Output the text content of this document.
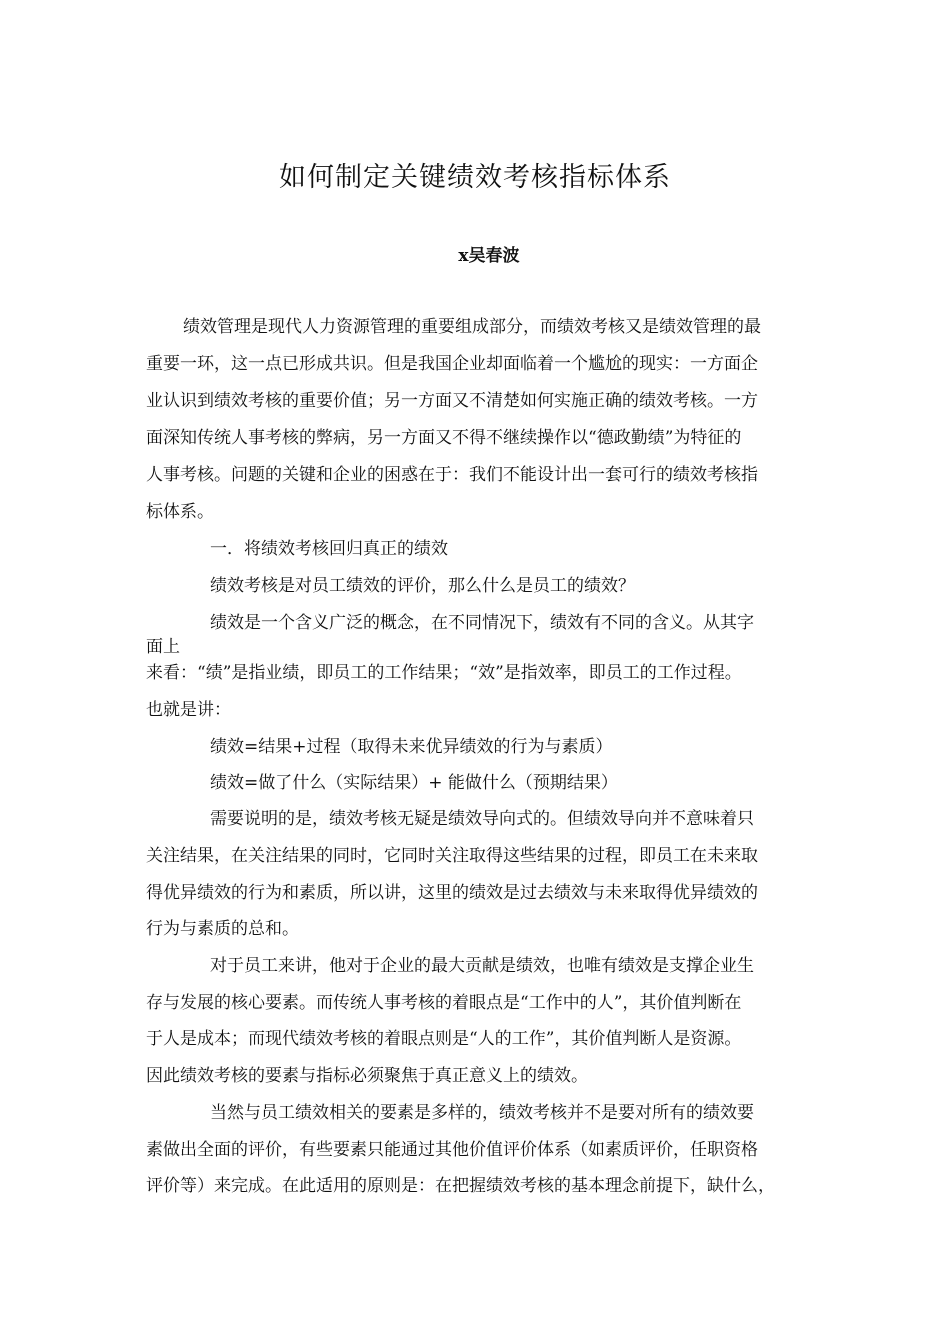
如何制定关键绩效考核指标体系

x吴春波

绩效管理是现代人力资源管理的重要组成部分，而绩效考核又是绩效管理的最

重要一环，这一点已形成共识。但是我国企业却面临着一个尴尬的现实：一方面企

业认识到绩效考核的重要价值；另一方面又不清楚如何实施正确的绩效考核。一方

面深知传统人事考核的弊病，另一方面又不得不继续操作以“德政勤绩”为特征的

人事考核。问题的关键和企业的困惑在于：我们不能设计出一套可行的绩效考核指

标体系。

一．将绩效考核回归真正的绩效

绩效考核是对员工绩效的评价，那么什么是员工的绩效？

绩效是一个含义广泛的概念，在不同情况下，绩效有不同的含义。从其字

面上

来看：“绩”是指业绩，即员工的工作结果；“效”是指效率，即员工的工作过程。

也就是讲：

绩效=结果+过程（取得未来优异绩效的行为与素质）

绩效=做了什么（实际结果）+ 能做什么（预期结果）

需要说明的是，绩效考核无疑是绩效导向式的。但绩效导向并不意味着只

关注结果，在关注结果的同时，它同时关注取得这些结果的过程，即员工在未来取

得优异绩效的行为和素质，所以讲，这里的绩效是过去绩效与未来取得优异绩效的

行为与素质的总和。

对于员工来讲，他对于企业的最大贡献是绩效，也唯有绩效是支撑企业生

存与发展的核心要素。而传统人事考核的着眼点是“工作中的人”，其价值判断在

于人是成本；而现代绩效考核的着眼点则是“人的工作”，其价值判断人是资源。

因此绩效考核的要素与指标必须聚焦于真正意义上的绩效。

当然与员工绩效相关的要素是多样的，绩效考核并不是要对所有的绩效要

素做出全面的评价，有些要素只能通过其他价值评价体系（如素质评价，任职资格

评价等）来完成。在此适用的原则是：在把握绩效考核的基本理念前提下，缺什么，
